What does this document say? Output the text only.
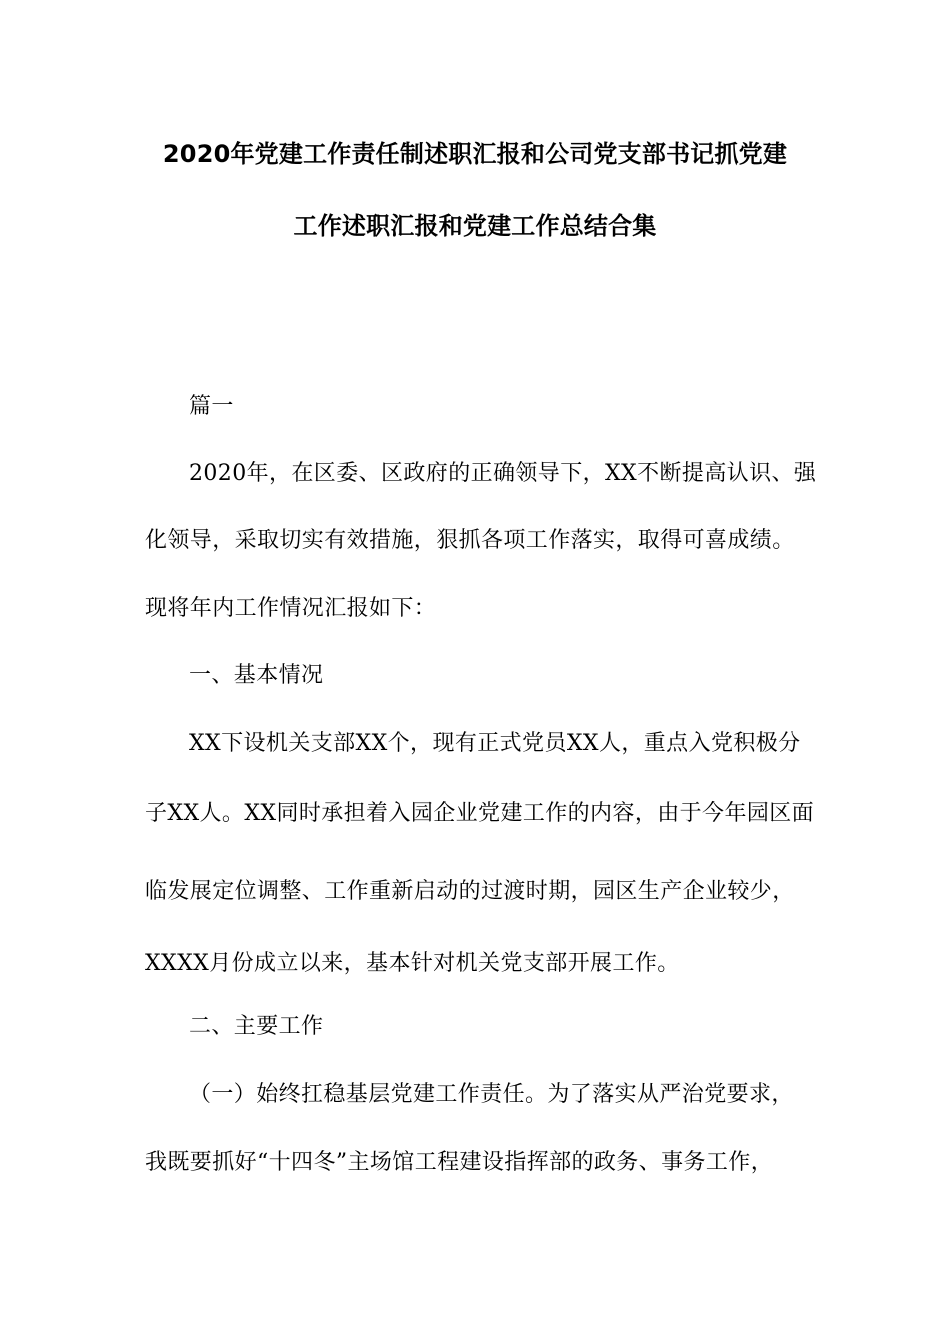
2020年党建工作责任制述职汇报和公司党支部书记抓党建
工作述职汇报和党建工作总结合集
篇一
2020年，在区委、区政府的正确领导下，XX不断提高认识、强
化领导，采取切实有效措施，狠抓各项工作落实，取得可喜成绩。
现将年内工作情况汇报如下：
一、基本情况
XX下设机关支部XX个，现有正式党员XX人，重点入党积极分
子XX人。XX同时承担着入园企业党建工作的内容，由于今年园区面
临发展定位调整、工作重新启动的过渡时期，园区生产企业较少，
XXXX月份成立以来，基本针对机关党支部开展工作。
二、主要工作
（一）始终扛稳基层党建工作责任。为了落实从严治党要求，
我既要抓好“十四冬”主场馆工程建设指挥部的政务、事务工作，
